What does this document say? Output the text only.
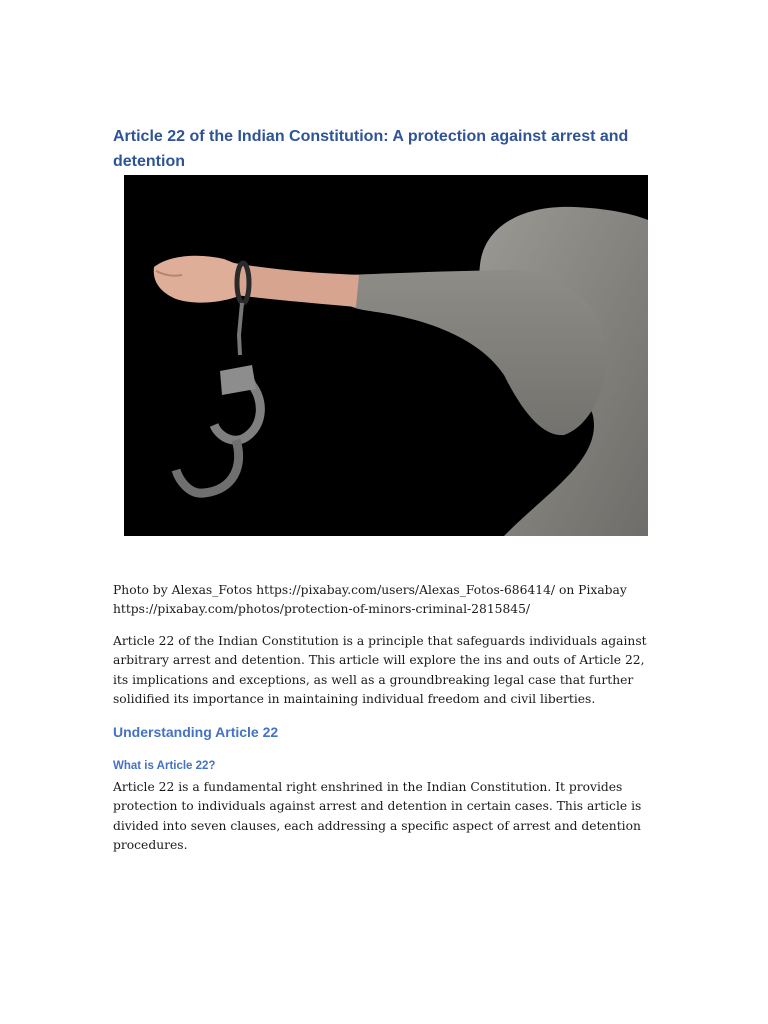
Article 22 of the Indian Constitution: A protection against arrest and detention

Photo by Alexas_Fotos https://pixabay.com/users/Alexas_Fotos-686414/ on Pixabay
https://pixabay.com/photos/protection-of-minors-criminal-2815845/

Article 22 of the Indian Constitution is a principle that safeguards individuals against arbitrary arrest and detention. This article will explore the ins and outs of Article 22, its implications and exceptions, as well as a groundbreaking legal case that further solidified its importance in maintaining individual freedom and civil liberties.

Understanding Article 22
What is Article 22?

Article 22 is a fundamental right enshrined in the Indian Constitution. It provides protection to individuals against arrest and detention in certain cases. This article is divided into seven clauses, each addressing a specific aspect of arrest and detention procedures.
